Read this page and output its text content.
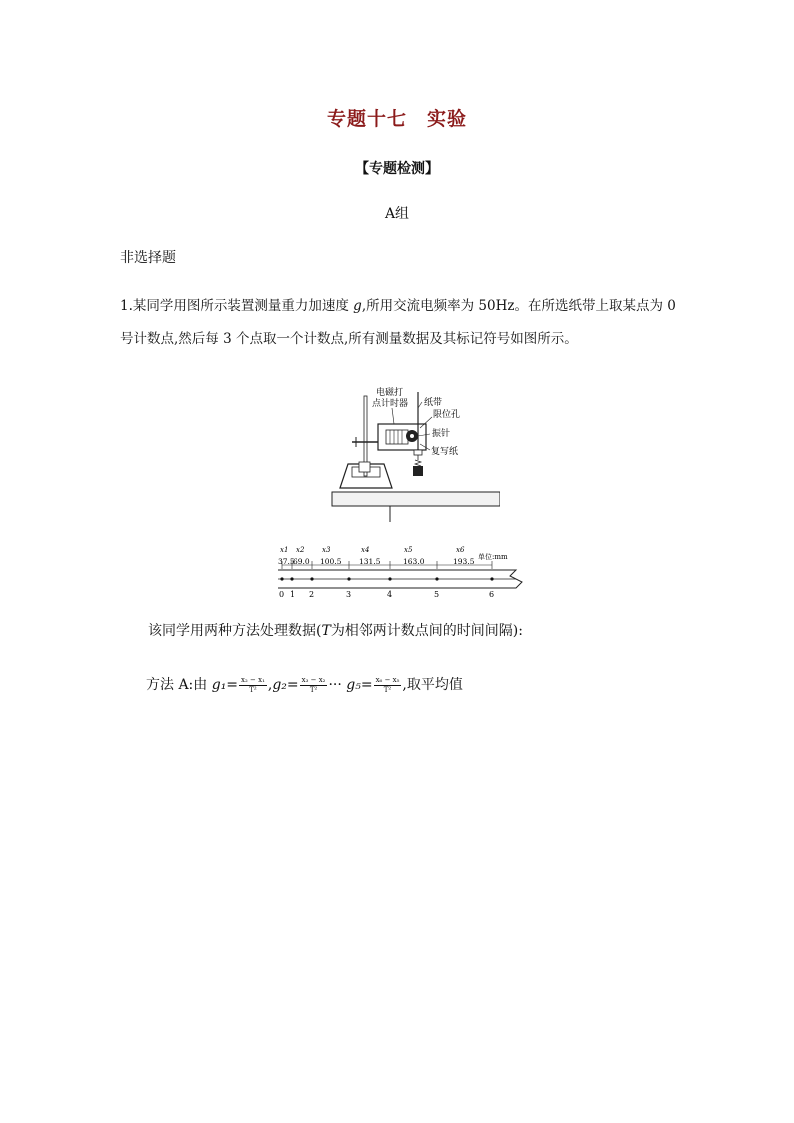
专题十七　实验
【专题检测】
A组
非选择题
1.某同学用图所示装置测量重力加速度 g,所用交流电频率为 50Hz。在所选纸带上取某点为 0 号计数点,然后每 3 个点取一个计数点,所有测量数据及其标记符号如图所示。
电磁打
点计时器 纸带
限位孔
振针
复写纸
x1 x2	x3	x4	x5	x6
单位:mm
37.5
69.0 100.5 131.5	163.0	193.5
0 1 2	3	4	5	6
该同学用两种方法处理数据(T为相邻两计数点间的时间间隔):
方法 A:由 $g_1= \frac{\text{x₂ − x₁}}{\text{T²}} ,g_2= \frac{\text{x₃ − x₂}}{\text{T²}}$ ··· $g_5= \frac{\text{x₆ − x₅}}{\text{T²}}$ ,取平均值
